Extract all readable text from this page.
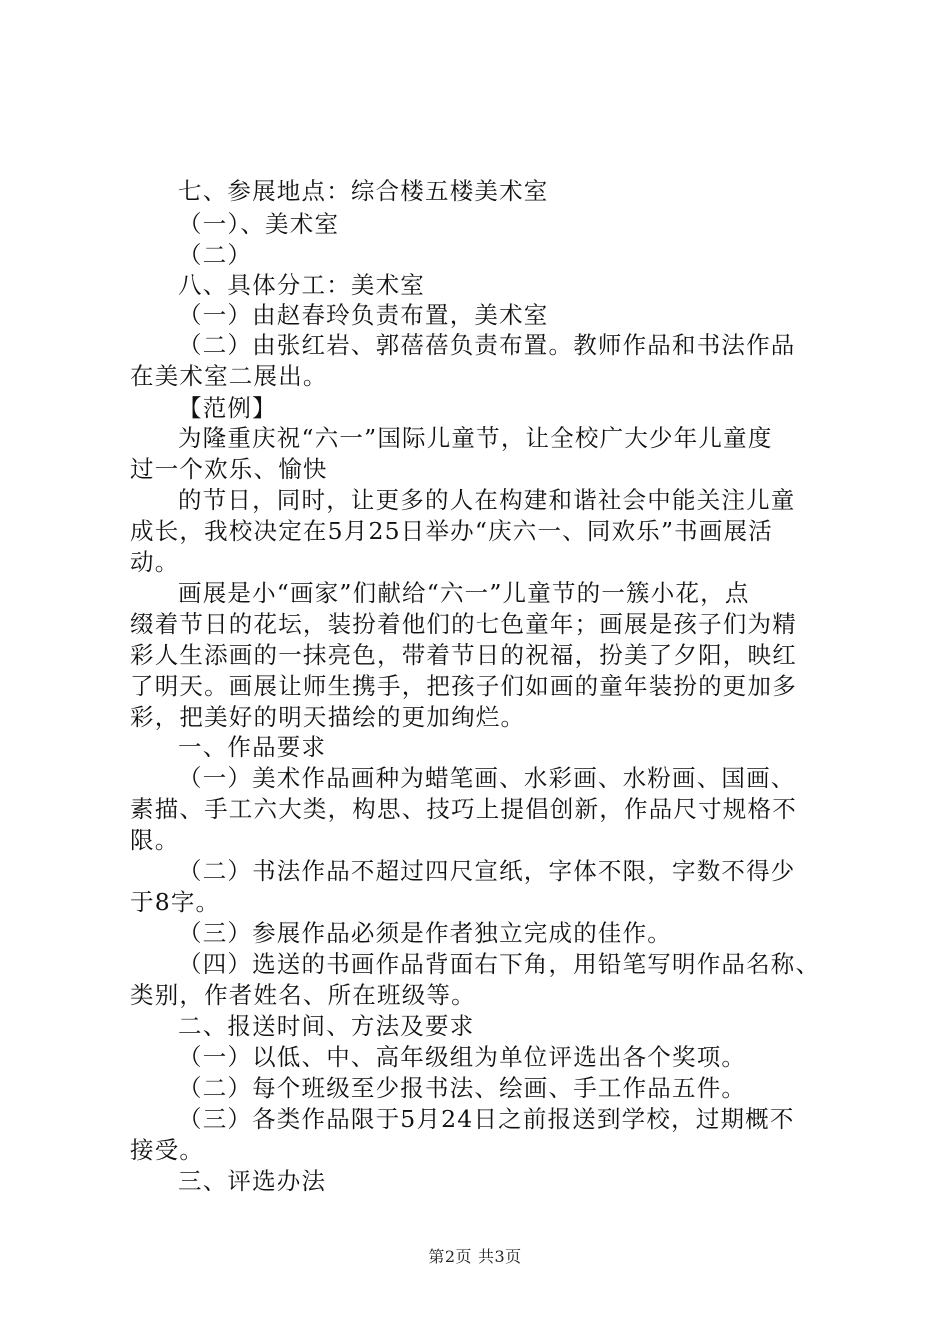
七、参展地点：综合楼五楼美术室
（一）、美术室
（二）
八、具体分工：美术室
（一）由赵春玲负责布置，美术室
（二）由张红岩、郭蓓蓓负责布置。教师作品和书法作品
在美术室二展出。
【范例】
为隆重庆祝“六一”国际儿童节，让全校广大少年儿童度
过一个欢乐、愉快
的节日，同时，让更多的人在构建和谐社会中能关注儿童
成长，我校决定在5月25日举办“庆六一、同欢乐”书画展活
动。
画展是小“画家”们献给“六一”儿童节的一簇小花，点
缀着节日的花坛，装扮着他们的七色童年；画展是孩子们为精
彩人生添画的一抹亮色，带着节日的祝福，扮美了夕阳，映红
了明天。画展让师生携手，把孩子们如画的童年装扮的更加多
彩，把美好的明天描绘的更加绚烂。
一、作品要求
（一）美术作品画种为蜡笔画、水彩画、水粉画、国画、
素描、手工六大类，构思、技巧上提倡创新，作品尺寸规格不
限。
（二）书法作品不超过四尺宣纸，字体不限，字数不得少
于8字。
（三）参展作品必须是作者独立完成的佳作。
（四）选送的书画作品背面右下角，用铅笔写明作品名称、
类别，作者姓名、所在班级等。
二、报送时间、方法及要求
（一）以低、中、高年级组为单位评选出各个奖项。
（二）每个班级至少报书法、绘画、手工作品五件。
（三）各类作品限于5月24日之前报送到学校，过期概不
接受。
三、评选办法
第2页 共3页
